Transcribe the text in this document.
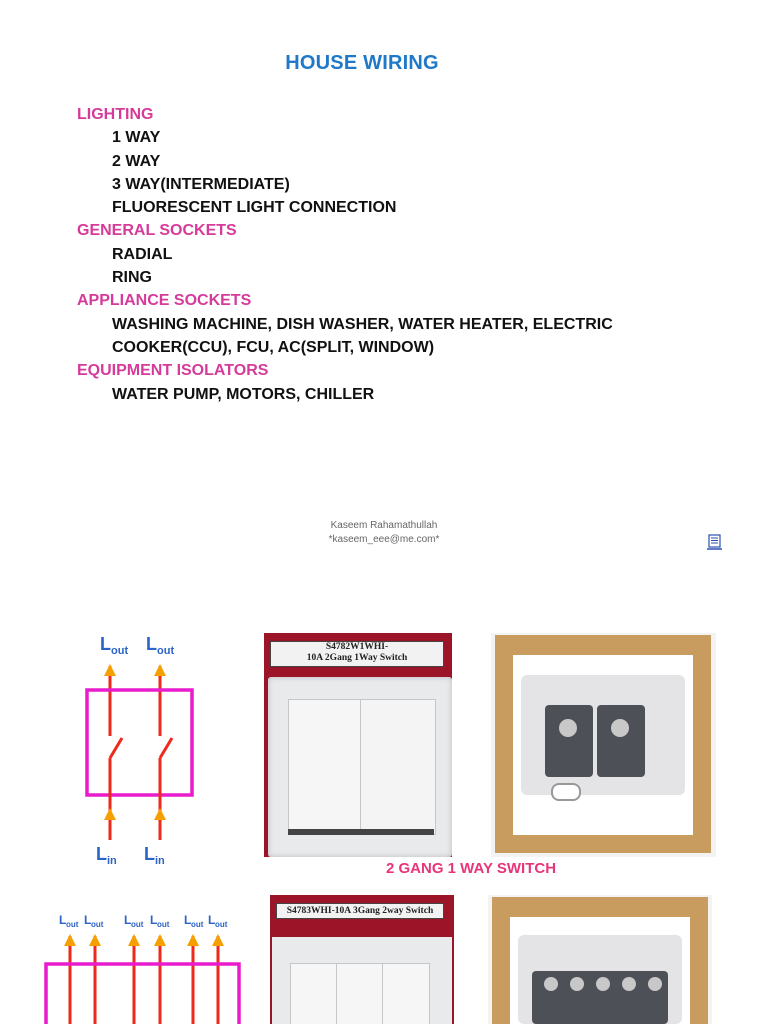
HOUSE WIRING
LIGHTING
1 WAY
2 WAY
3 WAY(INTERMEDIATE)
FLUORESCENT LIGHT CONNECTION
GENERAL SOCKETS
RADIAL
RING
APPLIANCE SOCKETS
WASHING MACHINE, DISH WASHER, WATER HEATER, ELECTRIC
COOKER(CCU), FCU, AC(SPLIT, WINDOW)
EQUIPMENT ISOLATORS
WATER PUMP, MOTORS, CHILLER
Kaseem Rahamathullah
*kaseem_eee@me.com*
L out L out
L in L in
S4782W1WHI-
10A 2Gang 1Way Switch
2 GANG 1 WAY SWITCH
L out L out L out L out L out L out
S4783WHI-10A 3Gang 2way Switch
